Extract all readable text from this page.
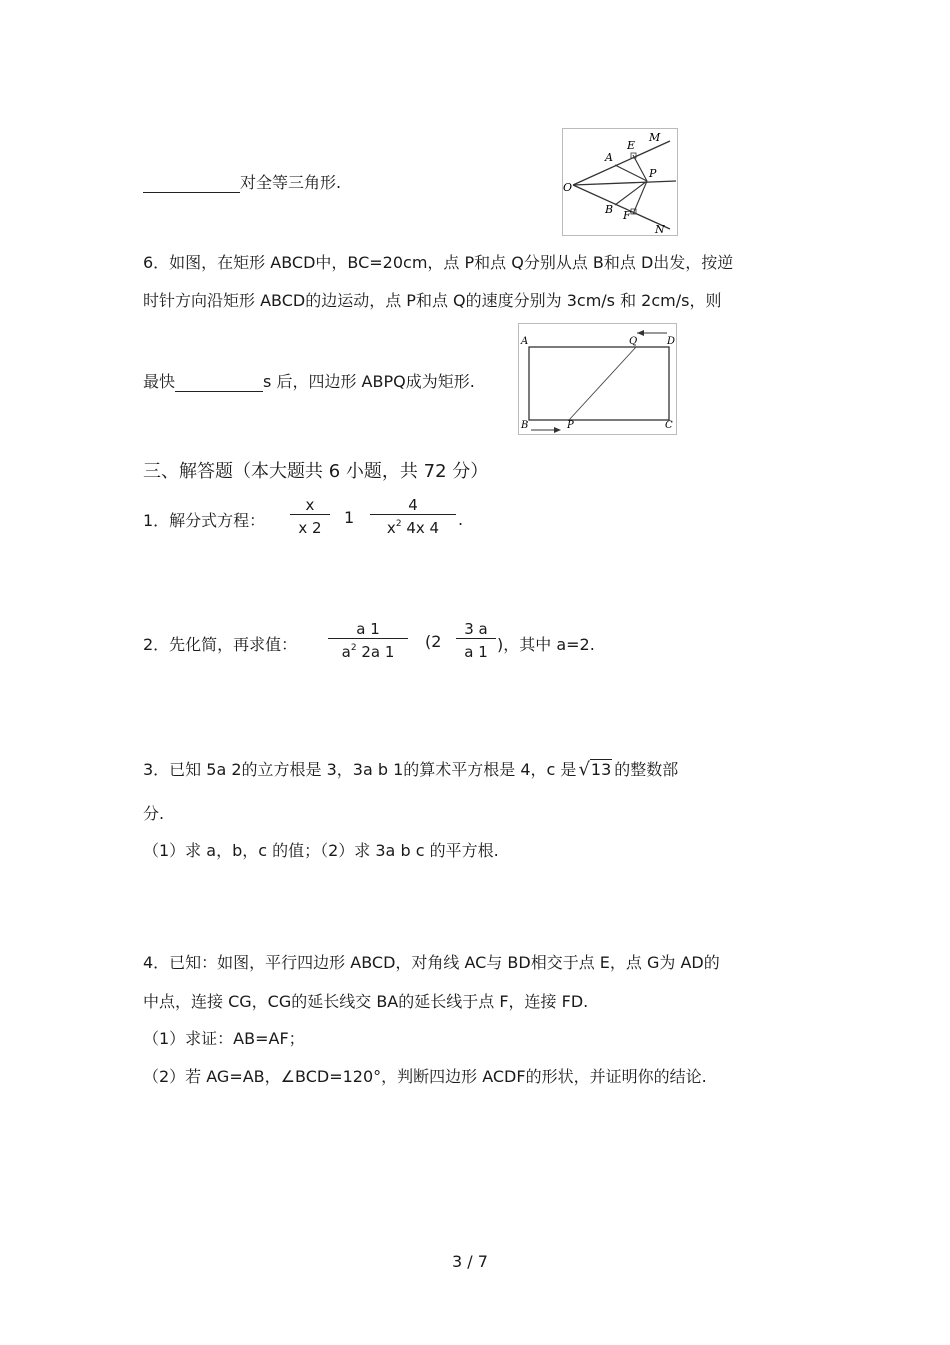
对全等三角形.
M
E
A
P
O
B F
N
6．如图，在矩形 ABCD中，BC=20cm，点 P和点 Q分别从点 B和点 D出发，按逆
时针方向沿矩形 ABCD的边运动，点 P和点 Q的速度分别为 3cm/s 和 2cm/s，则
最快	s 后，四边形 ABPQ成为矩形.
A	Q	D
B	P	C
三、解答题（本大题共 6 小题，共 72 分）
1．解分式方程：
x
x 2
1
4
$x^2$ 4x 4	.
2．先化简，再求值：
a 1
$a^2$ 2a 1
(2
3 a
a 1 )，其中 a=2.
3．已知 5a 2的立方根是 3，3a b 1的算术平方根是 4，c 是 √13 的整数部
分.
（1）求 a，b，c 的值；（2）求 3a b c 的平方根.
4．已知：如图，平行四边形 ABCD，对角线 AC与 BD相交于点 E，点 G为 AD的
中点，连接 CG，CG的延长线交 BA的延长线于点 F，连接 FD.
（1）求证：AB=AF；
（2）若 AG=AB，∠BCD=120°，判断四边形 ACDF的形状，并证明你的结论.
3 / 7
